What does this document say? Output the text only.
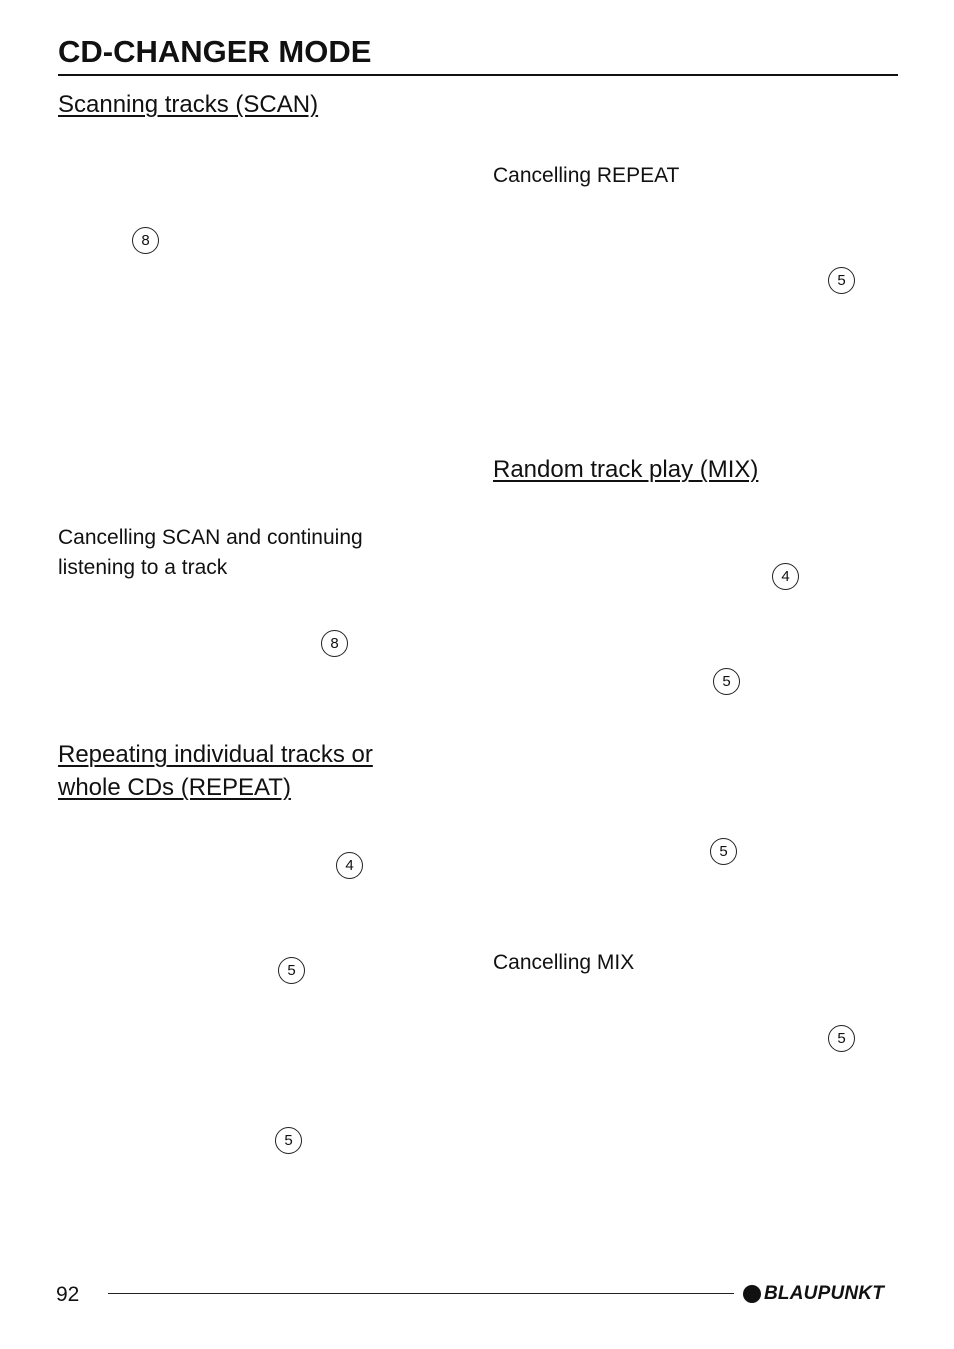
CD-CHANGER MODE
Scanning tracks (SCAN)
8
Cancelling SCAN and continuing
listening to a track
8
Repeating individual tracks or
whole CDs (REPEAT)
4
5
5
Cancelling REPEAT
5
Random track play (MIX)
4
5
5
Cancelling MIX
5
92	BLAUPUNKT
